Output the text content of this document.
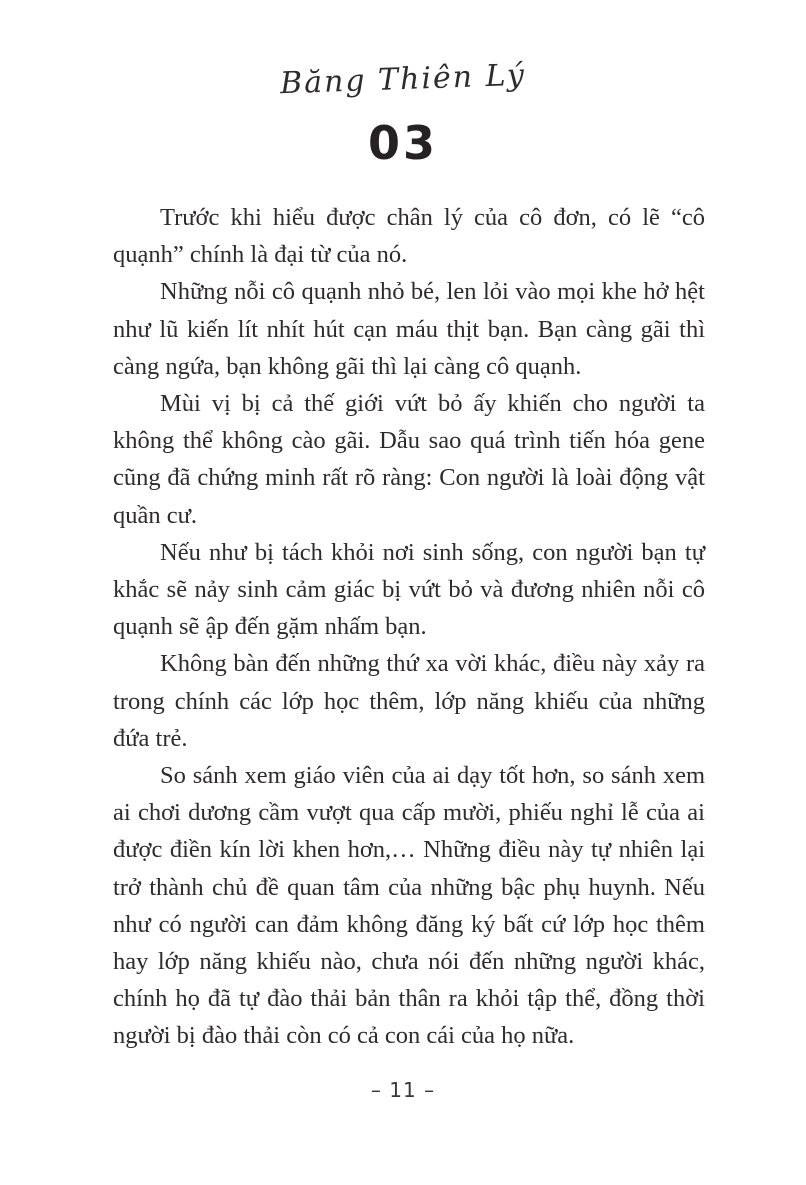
Băng Thiên Lý
03

Trước khi hiểu được chân lý của cô đơn, có lẽ “cô quạnh” chính là đại từ của nó.

Những nỗi cô quạnh nhỏ bé, len lỏi vào mọi khe hở hệt như lũ kiến lít nhít hút cạn máu thịt bạn. Bạn càng gãi thì càng ngứa, bạn không gãi thì lại càng cô quạnh.

Mùi vị bị cả thế giới vứt bỏ ấy khiến cho người ta không thể không cào gãi. Dẫu sao quá trình tiến hóa gene cũng đã chứng minh rất rõ ràng: Con người là loài động vật quần cư.

Nếu như bị tách khỏi nơi sinh sống, con người bạn tự khắc sẽ nảy sinh cảm giác bị vứt bỏ và đương nhiên nỗi cô quạnh sẽ ập đến gặm nhấm bạn.

Không bàn đến những thứ xa vời khác, điều này xảy ra trong chính các lớp học thêm, lớp năng khiếu của những đứa trẻ.

So sánh xem giáo viên của ai dạy tốt hơn, so sánh xem ai chơi dương cầm vượt qua cấp mười, phiếu nghỉ lễ của ai được điền kín lời khen hơn,… Những điều này tự nhiên lại trở thành chủ đề quan tâm của những bậc phụ huynh. Nếu như có người can đảm không đăng ký bất cứ lớp học thêm hay lớp năng khiếu nào, chưa nói đến những người khác, chính họ đã tự đào thải bản thân ra khỏi tập thể, đồng thời người bị đào thải còn có cả con cái của họ nữa.

– 11 –
